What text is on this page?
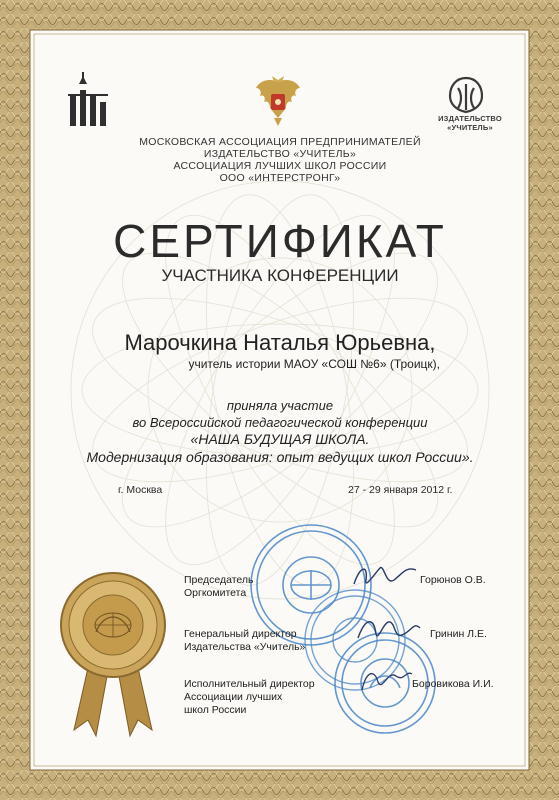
ИЗДАТЕЛЬСТВО «УЧИТЕЛЬ»
МОСКОВСКАЯ АССОЦИАЦИЯ ПРЕДПРИНИМАТЕЛЕЙ
ИЗДАТЕЛЬСТВО «УЧИТЕЛЬ»
АССОЦИАЦИЯ ЛУЧШИХ ШКОЛ РОССИИ
ООО «ИНТЕРСТРОНГ»
СЕРТИФИКАТ
УЧАСТНИКА КОНФЕРЕНЦИИ
Марочкина Наталья Юрьевна,
учитель истории МАОУ «СОШ №6» (Троицк),
приняла участие
во Всероссийской педагогической конференции
«НАША БУДУЩАЯ ШКОЛА.
Модернизация образования: опыт ведущих школ России».
г. Москва	27 - 29 января 2012 г.
Председатель
Оргкомитета
Горюнов О.В.
Генеральный директор
Издательства «Учитель»
Гринин Л.Е.
Исполнительный директор
Ассоциации лучших
школ России
Боровикова И.И.
